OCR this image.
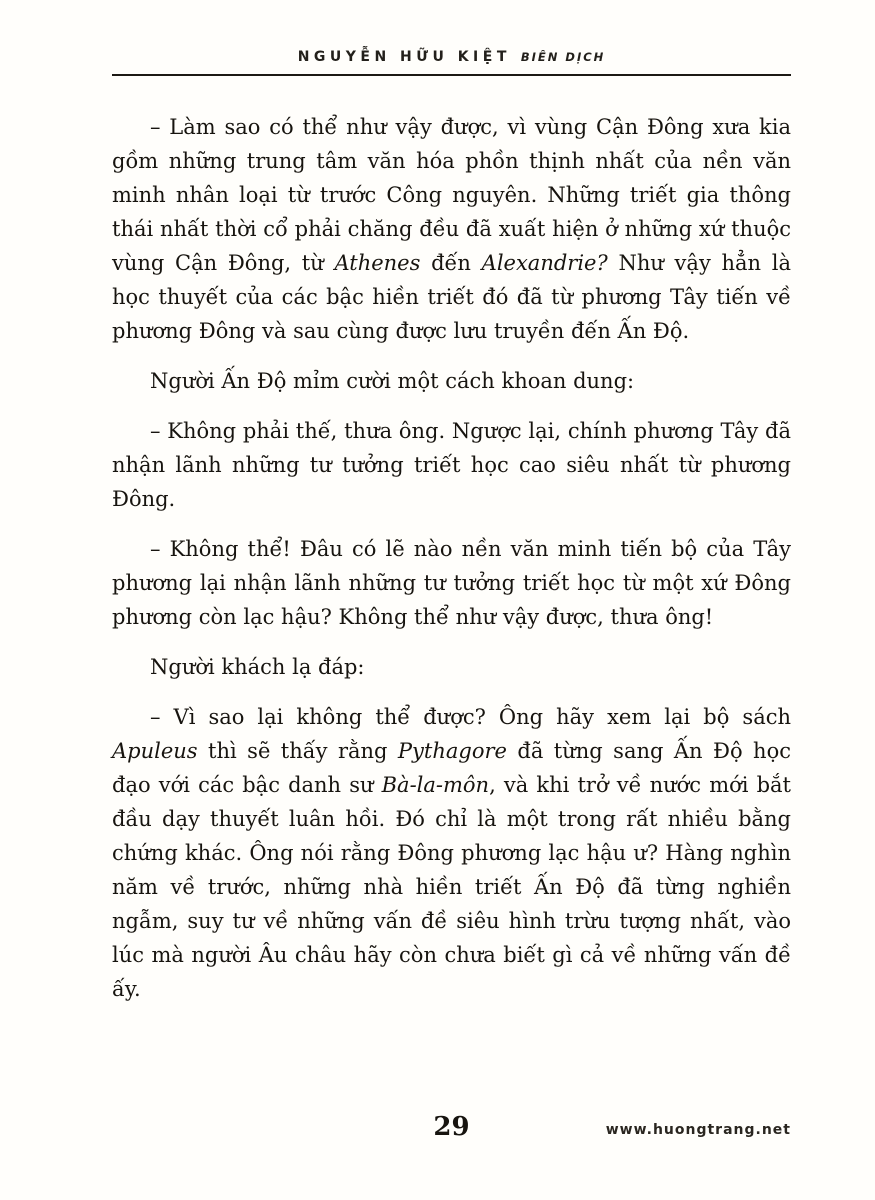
NGUYỄN HỮU KIỆT BIÊN DỊCH

– Làm sao có thể như vậy được, vì vùng Cận Đông xưa kia gồm những trung tâm văn hóa phồn thịnh nhất của nền văn minh nhân loại từ trước Công nguyên. Những triết gia thông thái nhất thời cổ phải chăng đều đã xuất hiện ở những xứ thuộc vùng Cận Đông, từ Athenes đến Alexandrie? Như vậy hẳn là học thuyết của các bậc hiền triết đó đã từ phương Tây tiến về phương Đông và sau cùng được lưu truyền đến Ấn Độ.

Người Ấn Độ mỉm cười một cách khoan dung:

– Không phải thế, thưa ông. Ngược lại, chính phương Tây đã nhận lãnh những tư tưởng triết học cao siêu nhất từ phương Đông.

– Không thể! Đâu có lẽ nào nền văn minh tiến bộ của Tây phương lại nhận lãnh những tư tưởng triết học từ một xứ Đông phương còn lạc hậu? Không thể như vậy được, thưa ông!

Người khách lạ đáp:

– Vì sao lại không thể được? Ông hãy xem lại bộ sách Apuleus thì sẽ thấy rằng Pythagore đã từng sang Ấn Độ học đạo với các bậc danh sư Bà-la-môn, và khi trở về nước mới bắt đầu dạy thuyết luân hồi. Đó chỉ là một trong rất nhiều bằng chứng khác. Ông nói rằng Đông phương lạc hậu ư? Hàng nghìn năm về trước, những nhà hiền triết Ấn Độ đã từng nghiền ngẫm, suy tư về những vấn đề siêu hình trừu tượng nhất, vào lúc mà người Âu châu hãy còn chưa biết gì cả về những vấn đề ấy.

29	www.huongtrang.net
